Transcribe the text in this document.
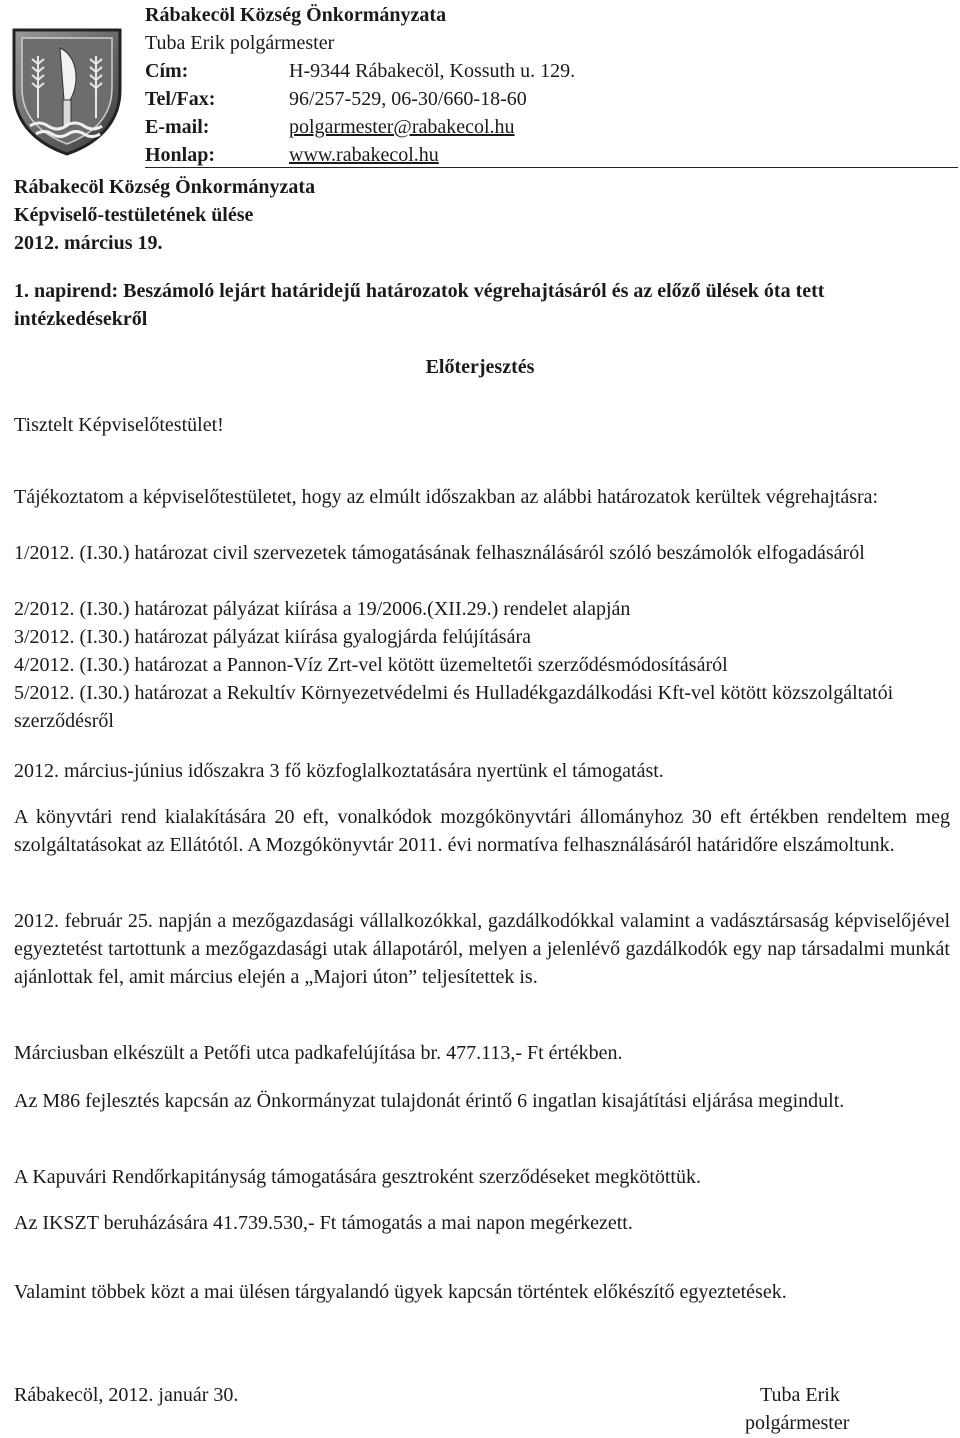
Rábakecöl Község Önkormányzata
Tuba Erik polgármester
Cím:	H-9344 Rábakecöl, Kossuth u. 129.
Tel/Fax:	96/257-529, 06-30/660-18-60
E-mail:	polgarmester@rabakecol.hu
Honlap:	www.rabakecol.hu
Rábakecöl Község Önkormányzata
Képviselő-testületének ülése
2012. március 19.
1. napirend: Beszámoló lejárt határidejű határozatok végrehajtásáról és az előző ülések óta tett intézkedésekről
Előterjesztés
Tisztelt Képviselőtestület!
Tájékoztatom a képviselőtestületet, hogy az elmúlt időszakban az alábbi határozatok kerültek végrehajtásra:
1/2012. (I.30.) határozat civil szervezetek támogatásának felhasználásáról szóló beszámolók elfogadásáról
2/2012. (I.30.) határozat pályázat kiírása a 19/2006.(XII.29.) rendelet alapján
3/2012. (I.30.) határozat pályázat kiírása gyalogjárda felújítására
4/2012. (I.30.) határozat a Pannon-Víz Zrt-vel kötött üzemeltetői szerződésmódosításáról
5/2012. (I.30.) határozat a Rekultív Környezetvédelmi és Hulladékgazdálkodási Kft-vel kötött közszolgáltatói szerződésről
2012. március-június időszakra 3 fő közfoglalkoztatására nyertünk el támogatást.
A könyvtári rend kialakítására 20 eft, vonalkódok mozgókönyvtári állományhoz 30 eft értékben rendeltem meg szolgáltatásokat az Ellátótól. A Mozgókönyvtár 2011. évi normatíva felhasználásáról határidőre elszámoltunk.
2012. február 25. napján a mezőgazdasági vállalkozókkal, gazdálkodókkal valamint a vadásztársaság képviselőjével egyeztetést tartottunk a mezőgazdasági utak állapotáról, melyen a jelenlévő gazdálkodók egy nap társadalmi munkát ajánlottak fel, amit március elején a „Majori úton” teljesítettek is.
Márciusban elkészült a Petőfi utca padkafelújítása br. 477.113,- Ft értékben.
Az M86 fejlesztés kapcsán az Önkormányzat tulajdonát érintő 6 ingatlan kisajátítási eljárása megindult.
A Kapuvári Rendőrkapitányság támogatására gesztroként szerződéseket megkötöttük.
Az IKSZT beruházására 41.739.530,- Ft támogatás a mai napon megérkezett.
Valamint többek közt a mai ülésen tárgyalandó ügyek kapcsán történtek előkészítő egyeztetések.
Rábakecöl, 2012. január 30.	Tuba Erik
polgármester
